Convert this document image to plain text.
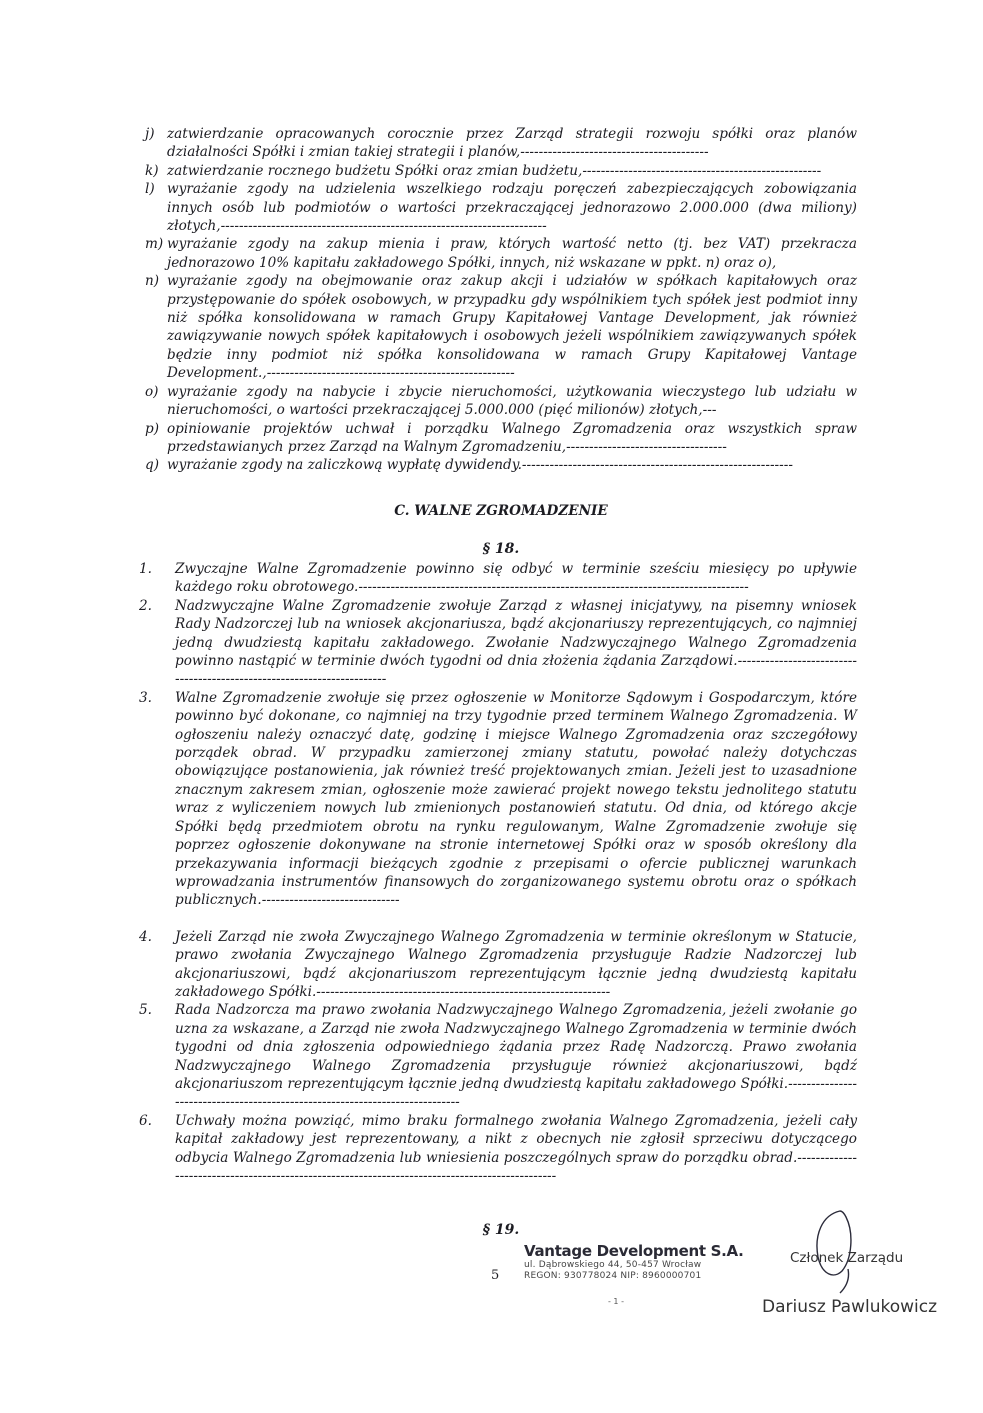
j) zatwierdzanie opracowanych corocznie przez Zarząd strategii rozwoju spółki oraz planów działalności Spółki i zmian takiej strategii i planów,-----------------------------------------
k) zatwierdzanie rocznego budżetu Spółki oraz zmian budżetu,----------------------------------------------------
l) wyrażanie zgody na udzielenia wszelkiego rodzaju poręczeń zabezpieczających zobowiązania innych osób lub podmiotów o wartości przekraczającej jednorazowo 2.000.000 (dwa miliony) złotych,-----------------------------------------------------------------------
m) wyrażanie zgody na zakup mienia i praw, których wartość netto (tj. bez VAT) przekracza jednorazowo 10% kapitału zakładowego Spółki, innych, niż wskazane w ppkt. n) oraz o),
n) wyrażanie zgody na obejmowanie oraz zakup akcji i udziałów w spółkach kapitałowych oraz przystępowanie do spółek osobowych, w przypadku gdy wspólnikiem tych spółek jest podmiot inny niż spółka konsolidowana w ramach Grupy Kapitałowej Vantage Development, jak również zawiązywanie nowych spółek kapitałowych i osobowych jeżeli wspólnikiem zawiązywanych spółek będzie inny podmiot niż spółka konsolidowana w ramach Grupy Kapitałowej Vantage Development.,------------------------------------------------------
o) wyrażanie zgody na nabycie i zbycie nieruchomości, użytkowania wieczystego lub udziału w nieruchomości, o wartości przekraczającej 5.000.000 (pięć milionów) złotych,---
p) opiniowanie projektów uchwał i porządku Walnego Zgromadzenia oraz wszystkich spraw przedstawianych przez Zarząd na Walnym Zgromadzeniu,-----------------------------------
q) wyrażanie zgody na zaliczkową wypłatę dywidendy.-----------------------------------------------------------
C. WALNE ZGROMADZENIE
§ 18.
1. Zwyczajne Walne Zgromadzenie powinno się odbyć w terminie sześciu miesięcy po upływie każdego roku obrotowego.-------------------------------------------------------------------------------------
2. Nadzwyczajne Walne Zgromadzenie zwołuje Zarząd z własnej inicjatywy, na pisemny wniosek Rady Nadzorczej lub na wniosek akcjonariusza, bądź akcjonariuszy reprezentujących, co najmniej jedną dwudziestą kapitału zakładowego. Zwołanie Nadzwyczajnego Walnego Zgromadzenia powinno nastąpić w terminie dwóch tygodni od dnia złożenia żądania Zarządowi.------------------------------------------------------------------------
3. Walne Zgromadzenie zwołuje się przez ogłoszenie w Monitorze Sądowym i Gospodarczym, które powinno być dokonane, co najmniej na trzy tygodnie przed terminem Walnego Zgromadzenia. W ogłoszeniu należy oznaczyć datę, godzinę i miejsce Walnego Zgromadzenia oraz szczegółowy porządek obrad. W przypadku zamierzonej zmiany statutu, powołać należy dotychczas obowiązujące postanowienia, jak również treść projektowanych zmian. Jeżeli jest to uzasadnione znacznym zakresem zmian, ogłoszenie może zawierać projekt nowego tekstu jednolitego statutu wraz z wyliczeniem nowych lub zmienionych postanowień statutu. Od dnia, od którego akcje Spółki będą przedmiotem obrotu na rynku regulowanym, Walne Zgromadzenie zwołuje się poprzez ogłoszenie dokonywane na stronie internetowej Spółki oraz w sposób określony dla przekazywania informacji bieżących zgodnie z przepisami o ofercie publicznej warunkach wprowadzania instrumentów finansowych do zorganizowanego systemu obrotu oraz o spółkach publicznych.------------------------------
4. Jeżeli Zarząd nie zwoła Zwyczajnego Walnego Zgromadzenia w terminie określonym w Statucie, prawo zwołania Zwyczajnego Walnego Zgromadzenia przysługuje Radzie Nadzorczej lub akcjonariuszowi, bądź akcjonariuszom reprezentującym łącznie jedną dwudziestą kapitału zakładowego Spółki.----------------------------------------------------------------
5. Rada Nadzorcza ma prawo zwołania Nadzwyczajnego Walnego Zgromadzenia, jeżeli zwołanie go uzna za wskazane, a Zarząd nie zwoła Nadzwyczajnego Walnego Zgromadzenia w terminie dwóch tygodni od dnia zgłoszenia odpowiedniego żądania przez Radę Nadzorczą. Prawo zwołania Nadzwyczajnego Walnego Zgromadzenia przysługuje również akcjonariuszowi, bądź akcjonariuszom reprezentującym łącznie jedną dwudziestą kapitału zakładowego Spółki.-----------------------------------------------------------------------------
6. Uchwały można powziąć, mimo braku formalnego zwołania Walnego Zgromadzenia, jeżeli cały kapitał zakładowy jest reprezentowany, a nikt z obecnych nie zgłosił sprzeciwu dotyczącego odbycia Walnego Zgromadzenia lub wniesienia poszczególnych spraw do porządku obrad.------------------------------------------------------------------------------------------------
§ 19.
5
Vantage Development S.A.
ul. Dąbrowskiego 44, 50-457 Wrocław
REGON: 930778024 NIP: 8960000701
- 1 -
Członek Zarządu
Dariusz Pawlukowicz
